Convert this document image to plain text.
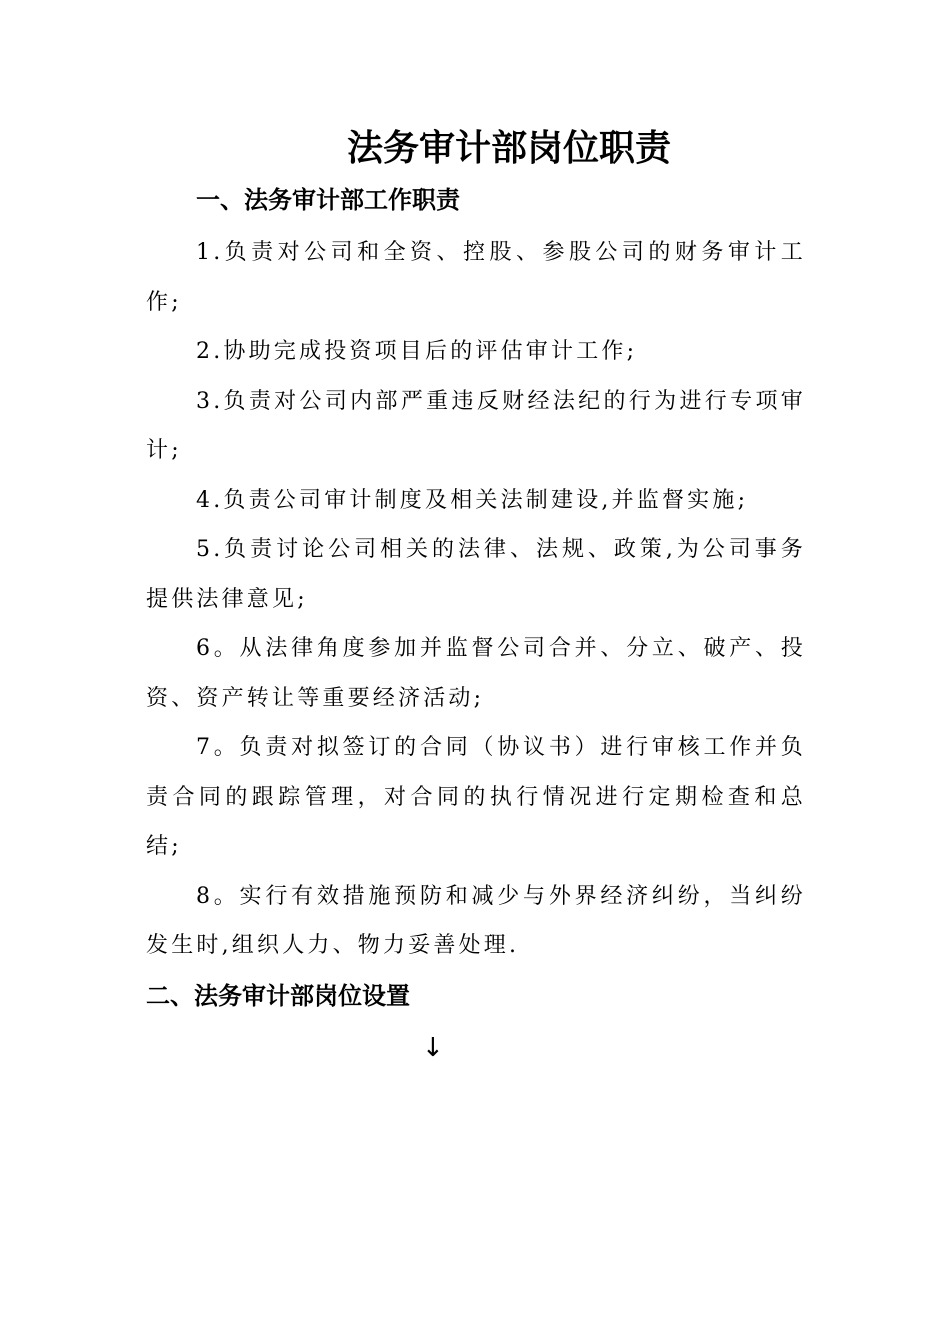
法务审计部岗位职责
一、法务审计部工作职责

1.负责对公司和全资、控股、参股公司的财务审计工作;

2.协助完成投资项目后的评估审计工作;

3.负责对公司内部严重违反财经法纪的行为进行专项审计;

4.负责公司审计制度及相关法制建设,并监督实施;

5.负责讨论公司相关的法律、法规、政策,为公司事务提供法律意见;

6。从法律角度参加并监督公司合并、分立、破产、投资、资产转让等重要经济活动;

7。负责对拟签订的合同（协议书）进行审核工作并负责合同的跟踪管理，对合同的执行情况进行定期检查和总结;

8。实行有效措施预防和减少与外界经济纠纷，当纠纷发生时,组织人力、物力妥善处理.

二、法务审计部岗位设置
↓
